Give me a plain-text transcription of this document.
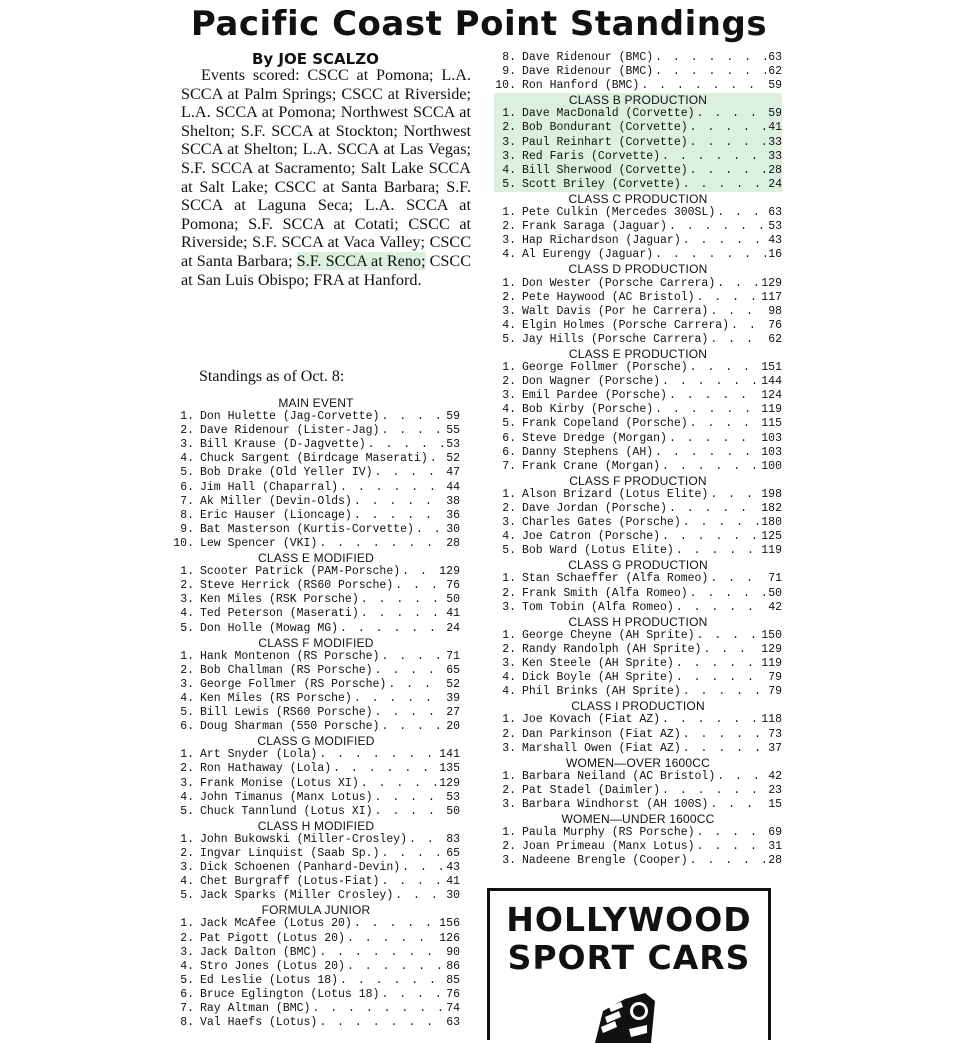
Pacific Coast Point Standings
By JOE SCALZO

Events scored: CSCC at Pomona; L.A. SCCA at Palm Springs; CSCC at Riverside; L.A. SCCA at Pomona; Northwest SCCA at Shelton; S.F. SCCA at Stockton; Northwest SCCA at Shelton; L.A. SCCA at Las Vegas; S.F. SCCA at Sacramento; Salt Lake SCCA at Salt Lake; CSCC at Santa Barbara; S.F. SCCA at Laguna Seca; L.A. SCCA at Pomona; S.F. SCCA at Cotati; CSCC at Riverside; S.F. SCCA at Vaca Valley; CSCC at Santa Barbara; S.F. SCCA at Reno; CSCC at San Luis Obispo; FRA at Hanford.

Standings as of Oct. 8:
MAIN EVENT
1. Don Hulette (Jag-Corvette) . . .	59
2. Dave Ridenour (Lister-Jag) . . .	55
3. Bill Krause (D-Jagvette) . . .	53
4. Chuck Sargent (Birdcage Maserati) . . . 52
5. Bob Drake (Old Yeller IV) . . .	47
6. Jim Hall (Chaparral) . . .	44
7. Ak Miller (Devin-Olds) . . .	38
8. Eric Hauser (Lioncage) . . .	36
9. Bat Masterson (Kurtis-Corvette) . . .	30
10. Lew Spencer (VKI) . . .	28
CLASS E MODIFIED
1. Scooter Patrick (PAM-Porsche) . . .	129
2. Steve Herrick (RS60 Porsche) . . .	76
3. Ken Miles (RSK Porsche) . . .	50
4. Ted Peterson (Maserati) . . .	41
5. Don Holle (Mowag MG) . . .	24
CLASS F MODIFIED
1. Hank Montenon (RS Porsche) . . .	71
2. Bob Challman (RS Porsche) . . .	65
3. George Follmer (RS Porsche) . . .	52
4. Ken Miles (RS Porsche) . . .	39
5. Bill Lewis (RS60 Porsche) . . .	27
6. Doug Sharman (550 Porsche) . . .	20
CLASS G MODIFIED
1. Art Snyder (Lola) . . .	141
2. Ron Hathaway (Lola) . . .	135
3. Frank Monise (Lotus XI) . . .	129
4. John Timanus (Manx Lotus) . . .	53
5. Chuck Tannlund (Lotus XI) . . .	50
CLASS H MODIFIED
1. John Bukowski (Miller-Crosley) . . .	83
2. Ingvar Linquist (Saab Sp.) . . .	65
3. Dick Schoenen (Panhard-Devin) . . .	43
4. Chet Burgraff (Lotus-Fiat) . . .	41
5. Jack Sparks (Miller Crosley) . . .	30
FORMULA JUNIOR
1. Jack McAfee (Lotus 20) . . .	156
2. Pat Pigott (Lotus 20) . . .	126
3. Jack Dalton (BMC) . . .	90
4. Stro Jones (Lotus 20) . . .	86
5. Ed Leslie (Lotus 18) . . .	85
6. Bruce Eglington (Lotus 18) . . .	76
7. Ray Altman (BMC) . . .	74
8. Val Haefs (Lotus) . . .	63
8. Dave Ridenour (BMC) . . .	63
9. Dave Ridenour (BMC) . . .	62
10. Ron Hanford (BMC) . . .	59
CLASS B PRODUCTION
1. Dave MacDonald (Corvette) . . .	59
2. Bob Bondurant (Corvette) . . .	41
3. Paul Reinhart (Corvette) . . .	33
3. Red Faris (Corvette) . . .	33
4. Bill Sherwood (Corvette) . . .	28
5. Scott Briley (Corvette) . . .	24
CLASS C PRODUCTION
1. Pete Culkin (Mercedes 300SL) . . .	63
2. Frank Saraga (Jaguar) . . .	53
3. Hap Richardson (Jaguar) . . .	43
4. Al Eurengy (Jaguar) . . .	16
CLASS D PRODUCTION
1. Don Wester (Porsche Carrera) . . .	129
2. Pete Haywood (AC Bristol) . . .	117
3. Walt Davis (Por he Carrera) . . .	98
4. Elgin Holmes (Porsche Carrera) . . .	76
5. Jay Hills (Porsche Carrera) . . .	62
CLASS E PRODUCTION
1. George Follmer (Porsche) . . .	151
2. Don Wagner (Porsche) . . .	144
3. Emil Pardee (Porsche) . . .	124
4. Bob Kirby (Porsche) . . .	119
5. Frank Copeland (Porsche) . . .	115
6. Steve Dredge (Morgan) . . .	103
6. Danny Stephens (AH) . . .	103
7. Frank Crane (Morgan) . . .	100
CLASS F PRODUCTION
1. Alson Brizard (Lotus Elite) . . .	198
2. Dave Jordan (Porsche) . . .	182
3. Charles Gates (Porsche) . . .	180
4. Joe Catron (Porsche) . . .	125
5. Bob Ward (Lotus Elite) . . .	119
CLASS G PRODUCTION
1. Stan Schaeffer (Alfa Romeo) . . .	71
2. Frank Smith (Alfa Romeo) . . .	50
3. Tom Tobin (Alfa Romeo) . . .	42
CLASS H PRODUCTION
1. George Cheyne (AH Sprite) . . .	150
2. Randy Randolph (AH Sprite) . . .	129
3. Ken Steele (AH Sprite) . . .	119
4. Dick Boyle (AH Sprite) . . .	79
4. Phil Brinks (AH Sprite) . . .	79
CLASS I PRODUCTION
1. Joe Kovach (Fiat AZ) . . .	118
2. Dan Parkinson (Fiat AZ) . . .	73
3. Marshall Owen (Fiat AZ) . . .	37
WOMEN—OVER 1600CC
1. Barbara Neiland (AC Bristol) . . .	42
2. Pat Stadel (Daimler) . . .	23
3. Barbara Windhorst (AH 100S) . . .	15
WOMEN—UNDER 1600CC
1. Paula Murphy (RS Porsche) . . .	69
2. Joan Primeau (Manx Lotus) . . .	31
3. Nadeene Brengle (Cooper) . . .	28
HOLLYWOOD
SPORT CARS
